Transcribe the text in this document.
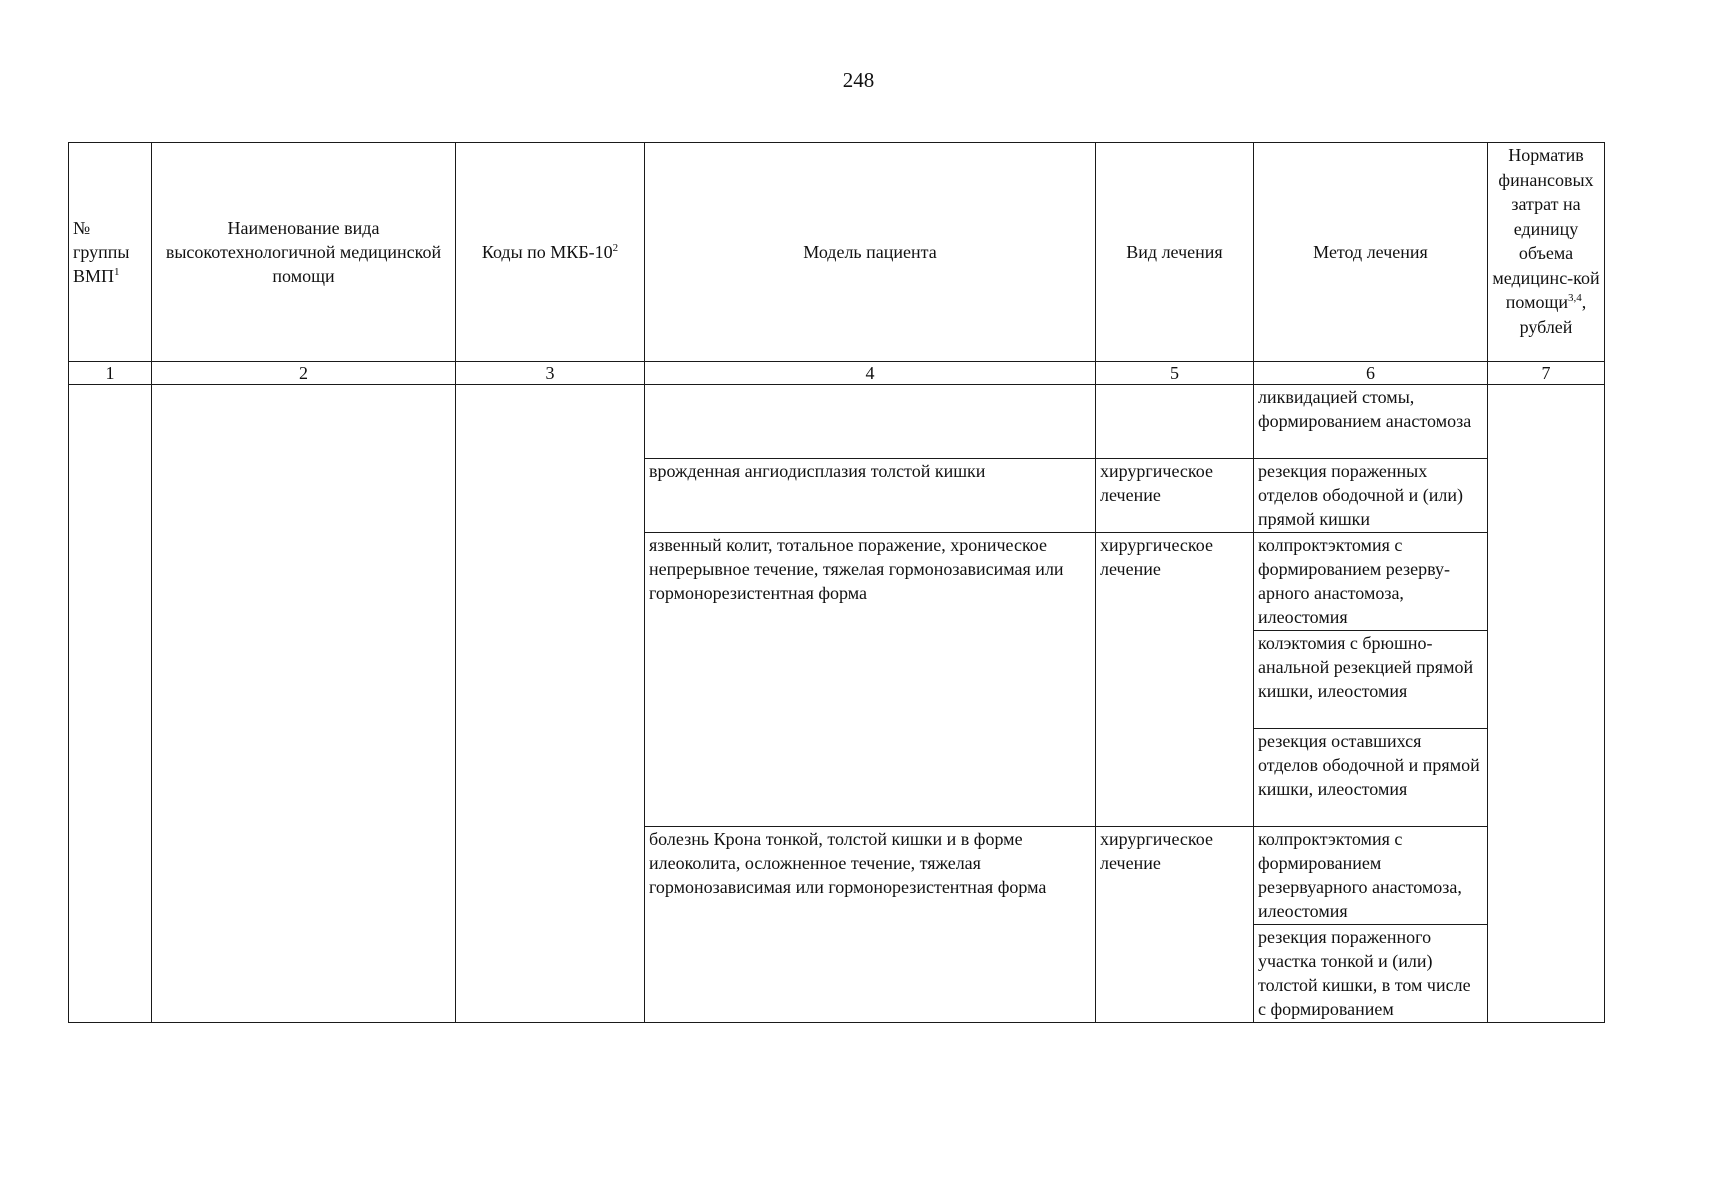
248
№ группы ВМП$^1$	Наименование вида высокотехнологичной медицинской помощи	Коды по МКБ-$10^2$	Модель пациента	Вид лечения	Метод лечения	Норматив финансовых затрат на единицу объема медицинс-кой помощи$^{3,4}$, рублей
1	2	3	4	5	6	7
					ликвидацией стомы, формированием анастомоза	
			врожденная ангиодисплазия толстой кишки	хирургическое лечение	резекция пораженных отделов ободочной и (или) прямой кишки	
			язвенный колит, тотальное поражение, хроническое непрерывное течение, тяжелая гормонозависимая или гормонорезистентная форма	хирургическое лечение	колпроктэктомия с формированием резерву-арного анастомоза, илеостомия	
					колэктомия с брюшно-анальной резекцией прямой кишки, илеостомия	
					резекция оставшихся отделов ободочной и прямой кишки, илеостомия	
			болезнь Крона тонкой, толстой кишки и в форме илеоколита, осложненное течение, тяжелая гормонозависимая или гормонорезистентная форма	хирургическое лечение	колпроктэктомия с формированием резервуарного анастомоза, илеостомия	
					резекция пораженного участка тонкой и (или) толстой кишки, в том числе с формированием	
